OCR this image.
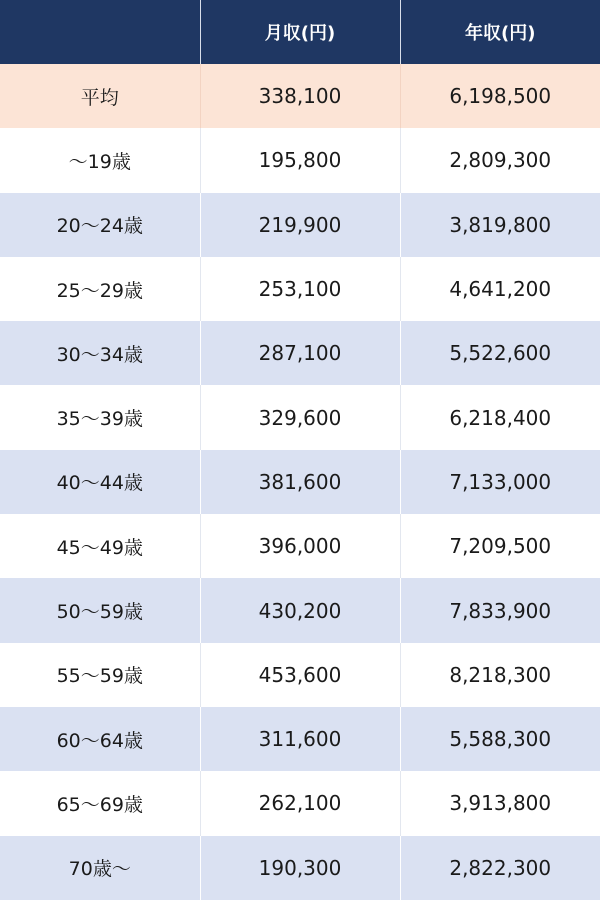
	月収(円)	年収(円)
平均	338,100	6,198,500
～19歳	195,800	2,809,300
20～24歳	219,900	3,819,800
25～29歳	253,100	4,641,200
30～34歳	287,100	5,522,600
35～39歳	329,600	6,218,400
40～44歳	381,600	7,133,000
45～49歳	396,000	7,209,500
50～59歳	430,200	7,833,900
55～59歳	453,600	8,218,300
60～64歳	311,600	5,588,300
65～69歳	262,100	3,913,800
70歳～	190,300	2,822,300
